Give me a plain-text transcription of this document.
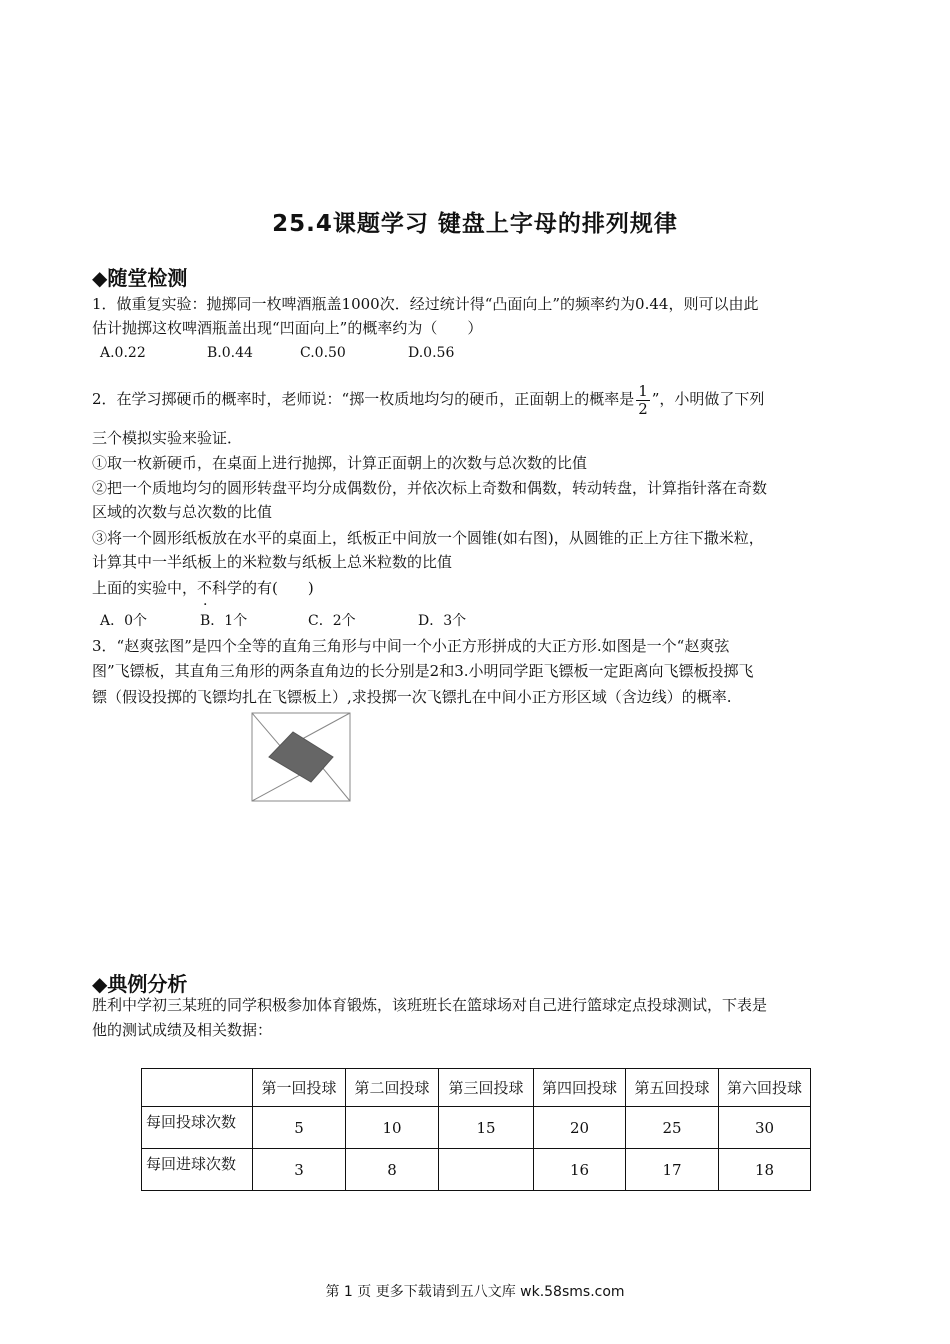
25.4课题学习 键盘上字母的排列规律
◆随堂检测
1．做重复实验：抛掷同一枚啤酒瓶盖1000次．经过统计得“凸面向上”的频率约为0.44，则可以由此
估计抛掷这枚啤酒瓶盖出现“凹面向上”的概率约为（　　）
A.0.22	B.0.44	C.0.50	D.0.56
2．在学习掷硬币的概率时，老师说：“掷一枚质地均匀的硬币，正面朝上的概率是 $\frac{1}{2}$ ”，小明做了下列
三个模拟实验来验证．
①取一枚新硬币，在桌面上进行抛掷，计算正面朝上的次数与总次数的比值
②把一个质地均匀的圆形转盘平均分成偶数份，并依次标上奇数和偶数，转动转盘，计算指针落在奇数
区域的次数与总次数的比值
③将一个圆形纸板放在水平的桌面上，纸板正中间放一个圆锥(如右图)，从圆锥的正上方往下撒米粒，
计算其中一半纸板上的米粒数与纸板上总米粒数的比值
上面的实验中，不科学的有(　　)
A．0个	B．1个	C．2个	D．3个
3．“赵爽弦图”是四个全等的直角三角形与中间一个小正方形拼成的大正方形.如图是一个“赵爽弦
图”飞镖板，其直角三角形的两条直角边的长分别是2和3.小明同学距飞镖板一定距离向飞镖板投掷飞
镖（假设投掷的飞镖均扎在飞镖板上）,求投掷一次飞镖扎在中间小正方形区域（含边线）的概率.
◆典例分析
胜利中学初三某班的同学积极参加体育锻炼，该班班长在篮球场对自己进行篮球定点投球测试，下表是
他的测试成绩及相关数据：
	第一回投球	第二回投球	第三回投球	第四回投球	第五回投球	第六回投球
每回投球次数	5	10	15	20	25	30
每回进球次数	3	8		16	17	18
第 1 页 更多下载请到五八文库 wk.58sms.com
